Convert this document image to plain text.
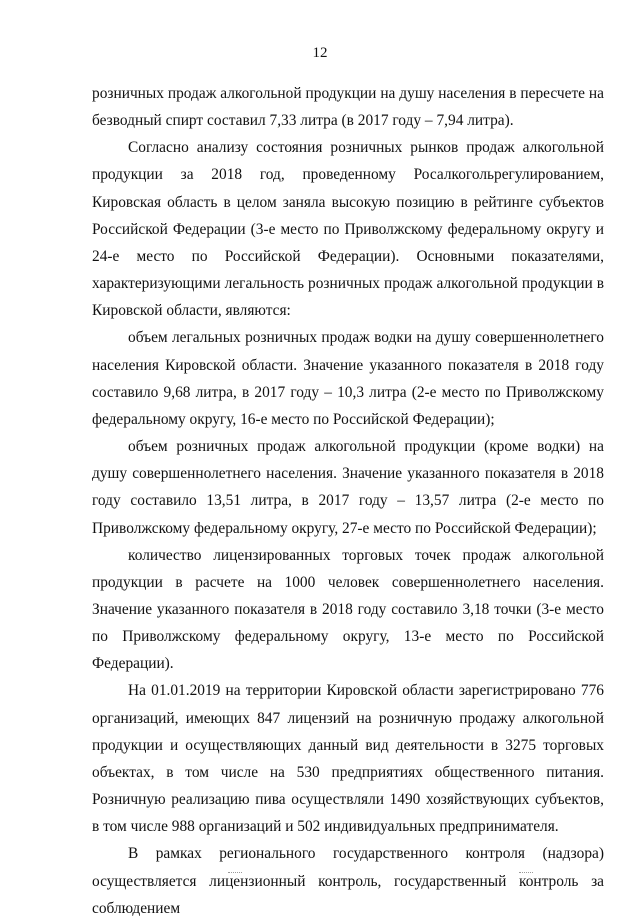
12

розничных продаж алкогольной продукции на душу населения в пересчете на безводный спирт составил 7,33 литра (в 2017 году – 7,94 литра).

Согласно анализу состояния розничных рынков продаж алкогольной продукции за 2018 год, проведенному Росалкогольрегулированием, Кировская область в целом заняла высокую позицию в рейтинге субъектов Российской Федерации (3-е место по Приволжскому федеральному округу и 24-е место по Российской Федерации). Основными показателями, характеризующими легальность розничных продаж алкогольной продукции в Кировской области, являются:

объем легальных розничных продаж водки на душу совершеннолетнего населения Кировской области. Значение указанного показателя в 2018 году составило 9,68 литра, в 2017 году – 10,3 литра (2-е место по Приволжскому федеральному округу, 16-е место по Российской Федерации);

объем розничных продаж алкогольной продукции (кроме водки) на душу совершеннолетнего населения. Значение указанного показателя в 2018 году составило 13,51 литра, в 2017 году – 13,57 литра (2-е место по Приволжскому федеральному округу, 27-е место по Российской Федерации);

количество лицензированных торговых точек продаж алкогольной продукции в расчете на 1000 человек совершеннолетнего населения. Значение указанного показателя в 2018 году составило 3,18 точки (3-е место по Приволжскому федеральному округу, 13-е место по Российской Федерации).

На 01.01.2019 на территории Кировской области зарегистрировано 776 организаций, имеющих 847 лицензий на розничную продажу алкогольной продукции и осуществляющих данный вид деятельности в 3275 торговых объектах, в том числе на 530 предприятиях общественного питания. Розничную реализацию пива осуществляли 1490 хозяйствующих субъектов, в том числе 988 организаций и 502 индивидуальных предпринимателя.

В рамках регионального государственного контроля (надзора) осуществляется лицензионный контроль, государственный контроль за соблюдением
